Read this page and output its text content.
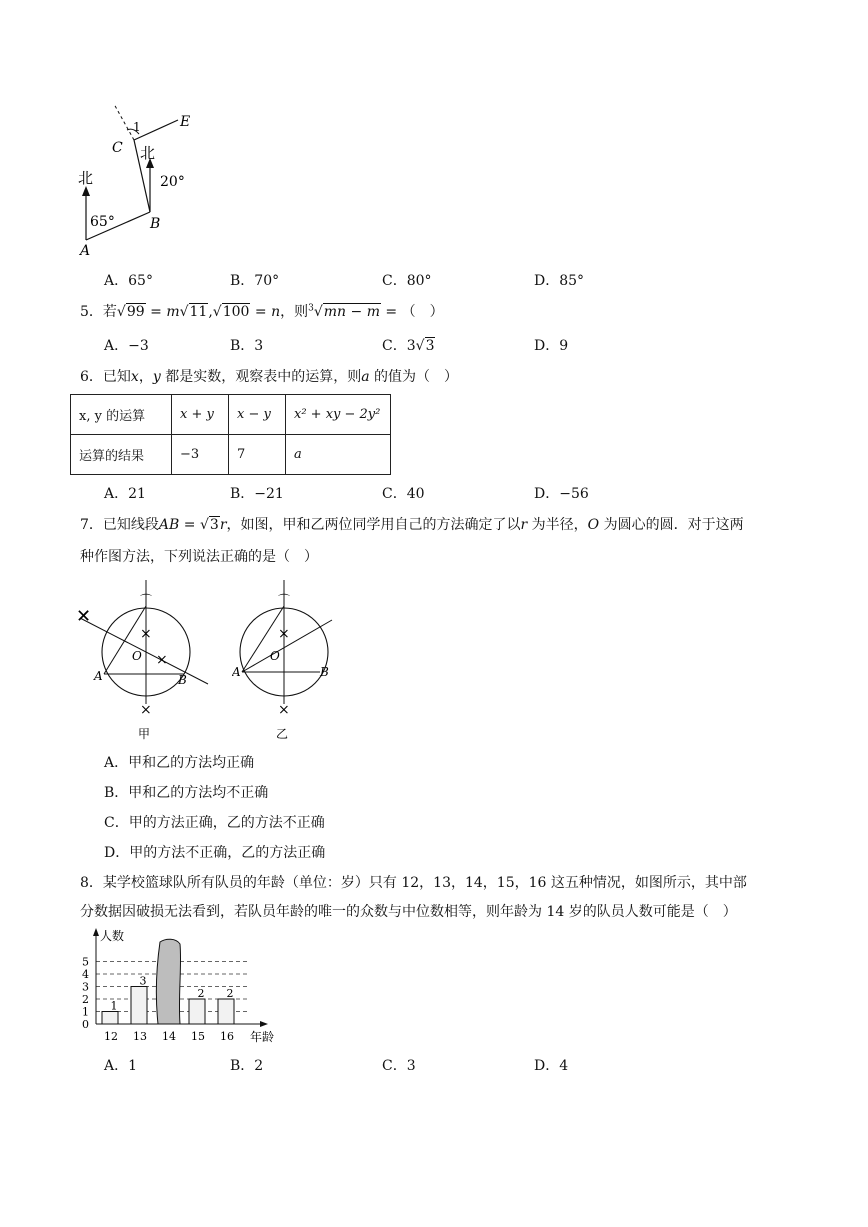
北
65°
北
20°
1
A
B
C
E
A．65°	B．70°	C．80°	D．85°
5．若√99 = m√11,√100 = n，则$^3$√mn − m = （　）
A．−3	B．3	C．3√3	D．9
6．已知x，y 都是实数，观察表中的运算，则a 的值为（　）
x, y 的运算	x + y	x − y	x² + xy − 2y²
运算的结果	−3	7	a
A．21	B．−21	C．40	D．−56
7．已知线段AB = √3r，如图，甲和乙两位同学用自己的方法确定了以r 为半径，O 为圆心的圆．对于这两
种作图方法，下列说法正确的是（　）
⌒
✕
×
×
×
O
A	B
甲
⌒
×
×
O
A	B
乙
A．甲和乙的方法均正确
B．甲和乙的方法均不正确
C．甲的方法正确，乙的方法不正确
D．甲的方法不正确，乙的方法正确
8．某学校篮球队所有队员的年龄（单位：岁）只有 12，13，14，15，16 这五种情况，如图所示，其中部
分数据因破损无法看到，若队员年龄的唯一的众数与中位数相等，则年龄为 14 岁的队员人数可能是（　）
0
1
2
3
4
5
人数
年龄
12
1
13
3
14 15
2
16
2
A．1	B．2	C．3	D．4
